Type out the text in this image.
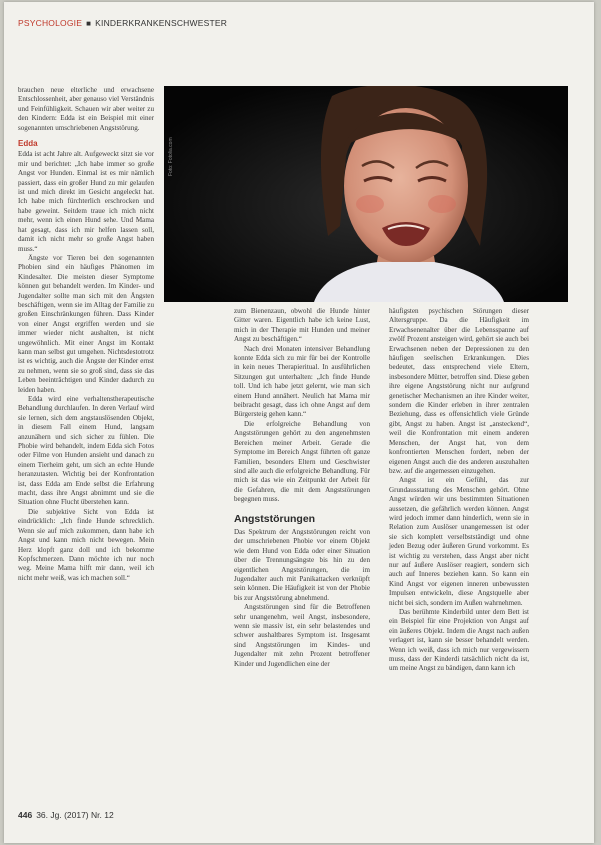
PSYCHOLOGIE ■ KINDERKRANKENSCHWESTER
Foto: Fotolia.com

brauchen neue elterliche und erwachsene Entschlossenheit, aber genauso viel Verständnis und Feinfühligkeit. Schauen wir aber weiter zu den Kindern: Edda ist ein Beispiel mit einer sogenannten umschriebenen Angststörung.

Edda

Edda ist acht Jahre alt. Aufgeweckt sitzt sie vor mir und berichtet: „Ich habe immer so große Angst vor Hunden. Einmal ist es mir nämlich passiert, dass ein großer Hund zu mir gelaufen ist und mich direkt im Gesicht angeleckt hat. Ich habe mich fürchterlich erschrocken und habe geweint. Seitdem traue ich mich nicht mehr, wenn ich einen Hund sehe. Und Mama hat gesagt, dass ich mir helfen lassen soll, damit ich nicht mehr so große Angst haben muss.“

Ängste vor Tieren bei den sogenannten Phobien sind ein häufiges Phänomen im Kindesalter. Die meisten dieser Symptome können gut behandelt werden. Im Kinder- und Jugendalter sollte man sich mit den Ängsten beschäftigen, wenn sie im Alltag der Familie zu großen Einschränkungen führen. Dass Kinder von einer Angst ergriffen werden und sie immer wieder nicht aushalten, ist nicht ungewöhnlich. Mit einer Angst im Kontakt kann man selbst gut umgehen. Nichtsdestotrotz ist es wichtig, auch die Ängste der Kinder ernst zu nehmen, wenn sie so groß sind, dass sie das Leben beeinträchtigen und Kinder dadurch zu leiden haben.

Edda wird eine verhaltenstherapeutische Behandlung durchlaufen. In deren Verlauf wird sie lernen, sich dem angstauslösenden Objekt, in diesem Fall einem Hund, langsam anzunähern und sich sicher zu fühlen. Die Phobie wird behandelt, indem Edda sich Fotos oder Filme von Hunden ansieht und danach zu einem Tierheim geht, um sich an echte Hunde heranzutasten. Wichtig bei der Konfrontation ist, dass Edda am Ende selbst die Erfahrung macht, dass ihre Angst abnimmt und sie die Situation ohne Flucht überstehen kann.

Die subjektive Sicht von Edda ist eindrücklich: „Ich finde Hunde schrecklich. Wenn sie auf mich zukommen, dann habe ich Angst und kann mich nicht bewegen. Mein Herz klopft ganz doll und ich bekomme Kopfschmerzen. Dann möchte ich nur noch weg. Meine Mama hilft mir dann, weil ich nicht mehr weiß, was ich machen soll.“

zum Bienenzaun, obwohl die Hunde hinter Gitter waren. Eigentlich habe ich keine Lust, mich in der Therapie mit Hunden und meiner Angst zu beschäftigen.“

Nach drei Monaten intensiver Behandlung konnte Edda sich zu mir für bei der Kontrolle in kein neues Therapieritual. In ausführlichen Sitzungen gut unterhalten: „Ich finde Hunde toll. Und ich habe jetzt gelernt, wie man sich einem Hund annähert. Neulich hat Mama mir beibracht gesagt, dass ich ohne Angst auf dem Bürgersteig gehen kann.“

Die erfolgreiche Behandlung von Angststörungen gehört zu den angenehmsten Bereichen meiner Arbeit. Gerade die Symptome im Bereich Angst führten oft ganze Familien, besonders Eltern und Geschwister sind alle auch die erfolgreiche Behandlung. Für mich ist das wie ein Zeitpunkt der Arbeit für die Gefahren, die mit dem Angststörungen begegnen muss.

Angststörungen

Das Spektrum der Angststörungen reicht von der umschriebenen Phobie vor einem Objekt wie dem Hund von Edda oder einer Situation über die Trennungsängste bis hin zu den eigentlichen Angststörungen, die im Jugendalter auch mit Panikattacken verknüpft sein können. Die Häufigkeit ist von der Phobie bis zur Angststörung abnehmend.

Angststörungen sind für die Betroffenen sehr unangenehm, weil Angst, insbesondere, wenn sie massiv ist, ein sehr belastendes und schwer aushaltbares Symptom ist. Insgesamt sind Angststörungen im Kindes- und Jugendalter mit zehn Prozent betroffener Kinder und Jugendlichen eine der

häufigsten psychischen Störungen dieser Altersgruppe. Da die Häufigkeit im Erwachsenenalter über die Lebensspanne auf zwölf Prozent ansteigen wird, gehört sie auch bei Erwachsenen neben der Depressionen zu den häufigen seelischen Erkrankungen. Dies bedeutet, dass entsprechend viele Eltern, insbesondere Mütter, betroffen sind. Diese geben ihre eigene Angststörung nicht nur aufgrund genetischer Mechanismen an ihre Kinder weiter, sondern die Kinder erleben in ihrer zentralen Beziehung, dass es offensichtlich viele Gründe gibt, Angst zu haben. Angst ist „ansteckend“, weil die Konfrontation mit einem anderen Menschen, der Angst hat, von dem konfrontierten Menschen fordert, neben der eigenen Angst auch die des anderen auszuhalten bzw. auf die angemessen einzugehen.

Angst ist ein Gefühl, das zur Grundausstattung des Menschen gehört. Ohne Angst würden wir uns bestimmten Situationen aussetzen, die gefährlich werden können. Angst wird jedoch immer dann hinderlich, wenn sie in Relation zum Auslöser unangemessen ist oder sie sich komplett verselbstständigt und ohne jeden Bezug oder äußeren Grund vorkommt. Es ist wichtig zu verstehen, dass Angst aber nicht nur auf äußere Auslöser reagiert, sondern sich auch auf Inneres beziehen kann. So kann ein Kind Angst vor eigenen inneren unbewussten Impulsen entwickeln, diese Angstquelle aber nicht bei sich, sondern im Außen wahrnehmen.

Das berühmte Kinderbild unter dem Bett ist ein Beispiel für eine Projektion von Angst auf ein äußeres Objekt. Indem die Angst nach außen verlagert ist, kann sie besser behandelt werden. Wenn ich weiß, dass ich mich nur vergewissern muss, dass der Kinderdi tatsächlich nicht da ist, um meine Angst zu bändigen, dann kann ich

446 36. Jg. (2017) Nr. 12
